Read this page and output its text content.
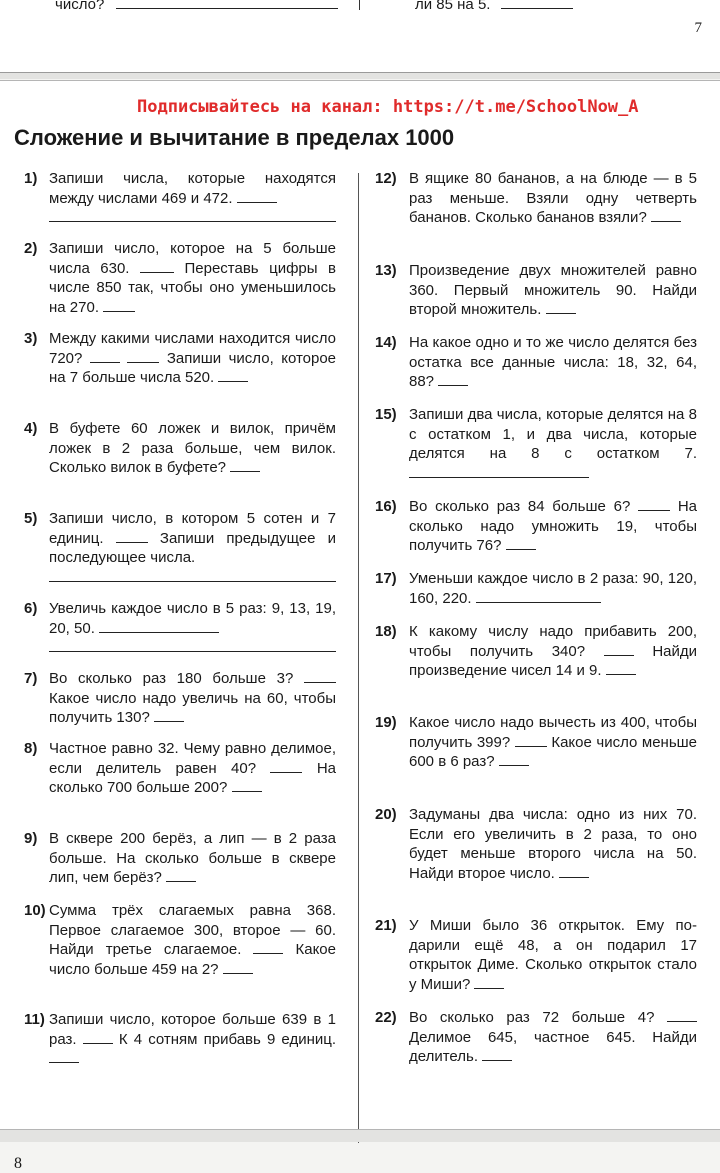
число?	ли 85 на 5.
7
Подписывайтесь на канал: https://t.me/SchoolNow_A
Сложение и вычитание в пределах 1000
1) Запиши числа, которые находятся между числами 469 и 472.
2) Запиши число, которое на 5 больше числа 630.	Переставь цифры в числе 850 так, чтобы оно уменьшилось на 270.
3) Между какими числами находится число 720?	Запиши число, которое на 7 больше числа 520.
4) В буфете 60 ложек и вилок, причём ложек в 2 раза больше, чем вилок. Сколько вилок в буфете?
5) Запиши число, в котором 5 сотен и 7 единиц.	Запиши предыдущее и последующее числа.
6) Увеличь каждое число в 5 раз: 9, 13, 19, 20, 50.
7) Во сколько раз 180 больше 3?  Какое число надо увеличь на 60, чтобы получить 130?
8) Частное равно 32. Чему равно делимое, если делитель равен 40?	На сколько 700 больше 200?
9) В сквере 200 берёз, а лип — в 2 раза больше. На сколько больше в сквере лип, чем берёз?
10) Сумма трёх слагаемых равна 368. Первое слагаемое 300, второе — 60. Найди третье слагаемое.	Какое число больше 459 на 2?
11) Запиши число, которое больше 639 в 1 раз.	К 4 сотням прибавь 9 единиц.
12) В ящике 80 бананов, а на блюде — в 5 раз меньше. Взяли одну четверть бананов. Сколько бананов взяли?
13) Произведение двух множителей равно 360. Первый множитель 90. Найди второй множитель.
14) На какое одно и то же число делятся без остатка все данные числа: 18, 32, 64, 88?
15) Запиши два числа, которые делятся на 8 с остатком 1, и два числа, которые делятся на 8 с остатком 7.
16) Во сколько раз 84 больше 6?	На сколько надо умножить 19, чтобы получить 76?
17) Уменьши каждое число в 2 раза: 90, 120, 160, 220.
18) К какому числу надо прибавить 200, чтобы получить 340?	Найди произведение чисел 14 и 9.
19) Какое число надо вычесть из 400, чтобы получить 399?	Какое число меньше 600 в 6 раз?
20) Задуманы два числа: одно из них 70. Если его увеличить в 2 раза, то оно будет меньше второго числа на 50. Найди второе число.
21) У Миши было 36 открыток. Ему подарили ещё 48, а он подарил 17 открыток Диме. Сколько открыток стало у Миши?
22) Во сколько раз 72 больше 4?  Делимое 645, частное 645. Найди делитель.
8
